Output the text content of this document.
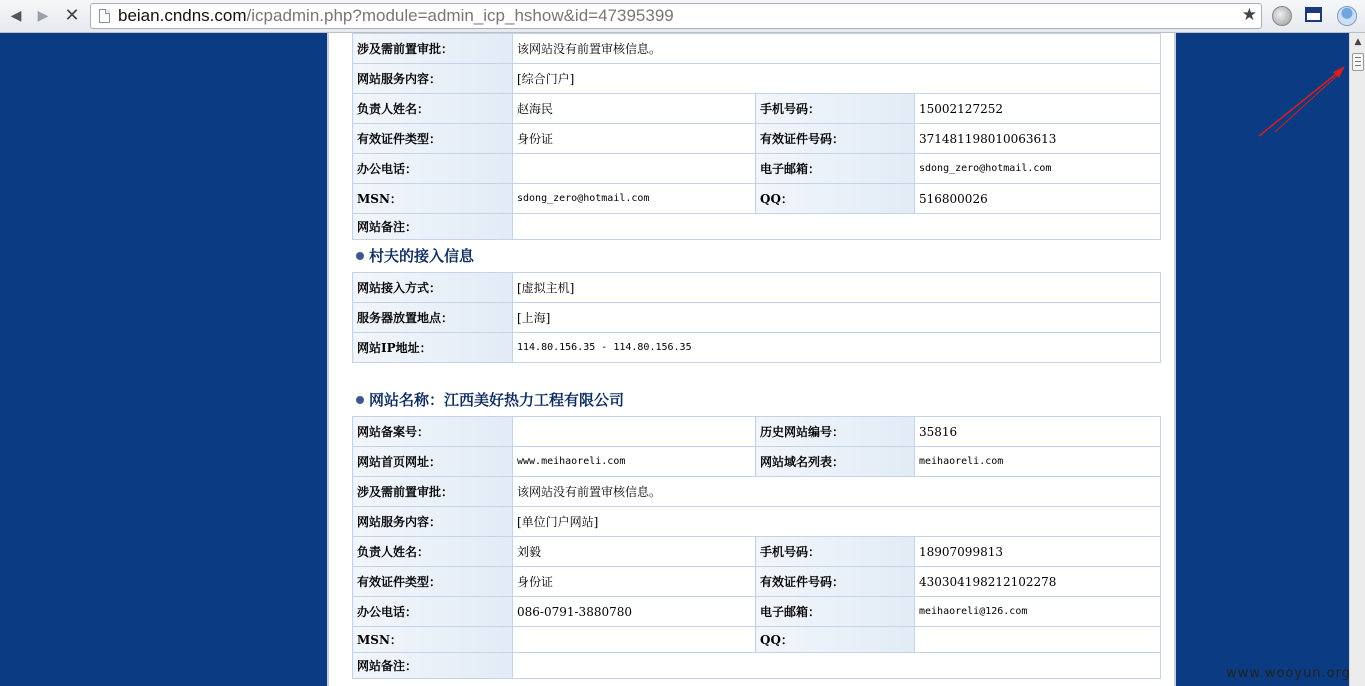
◀	▶ ✕ beian.cndns.com/icpadmin.php?module=admin_icp_hshow&id=47395399	★
涉及需前置审批：	该网站没有前置审核信息。		
网站服务内容：	[综合门户]		
负责人姓名：	赵海民	手机号码：	15002127252
有效证件类型：	身份证	有效证件号码：	371481198010063613
办公电话：		电子邮箱：	sdong_zero@hotmail.com
MSN：	sdong_zero@hotmail.com	QQ：	516800026
网站备注：			
村夫的接入信息
网站接入方式：	[虚拟主机]
服务器放置地点：	[上海]
网站IP地址：	114.80.156.35 - 114.80.156.35
网站名称：江西美好热力工程有限公司
网站备案号：		历史网站编号：	35816
网站首页网址：	www.meihaoreli.com	网站域名列表：	meihaoreli.com
涉及需前置审批：	该网站没有前置审核信息。		
网站服务内容：	[单位门户网站]		
负责人姓名：	刘毅	手机号码：	18907099813
有效证件类型：	身份证	有效证件号码：	430304198212102278
办公电话：	086-0791-3880780	电子邮箱：	meihaoreli@126.com
MSN：		QQ：	
网站备注：			
▲
www.wooyun.org
